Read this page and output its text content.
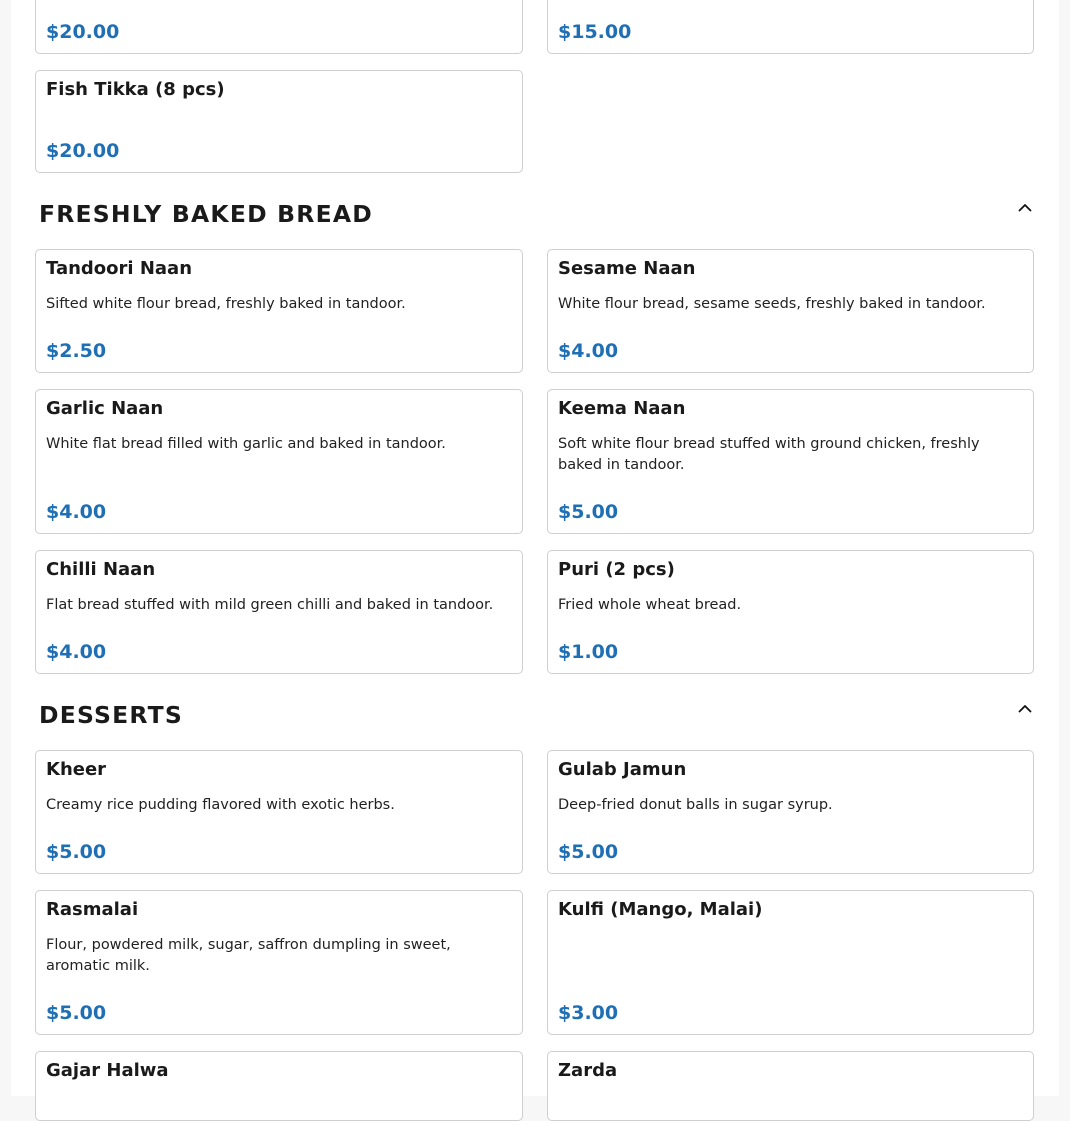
$20.00	$15.00
Fish Tikka (8 pcs)
$20.00
FRESHLY BAKED BREAD
Tandoori Naan
Sifted white flour bread, freshly baked in tandoor.
$2.50
Sesame Naan
White flour bread, sesame seeds, freshly baked in tandoor.
$4.00
Garlic Naan
White flat bread filled with garlic and baked in tandoor.
$4.00
Keema Naan
Soft white flour bread stuffed with ground chicken, freshly baked in tandoor.
$5.00
Chilli Naan
Flat bread stuffed with mild green chilli and baked in tandoor.
$4.00
Puri (2 pcs)
Fried whole wheat bread.
$1.00
DESSERTS
Kheer
Creamy rice pudding flavored with exotic herbs.
$5.00
Gulab Jamun
Deep-fried donut balls in sugar syrup.
$5.00
Rasmalai
Flour, powdered milk, sugar, saffron dumpling in sweet, aromatic milk.
$5.00
Kulfi (Mango, Malai)
$3.00
Gajar Halwa	Zarda
